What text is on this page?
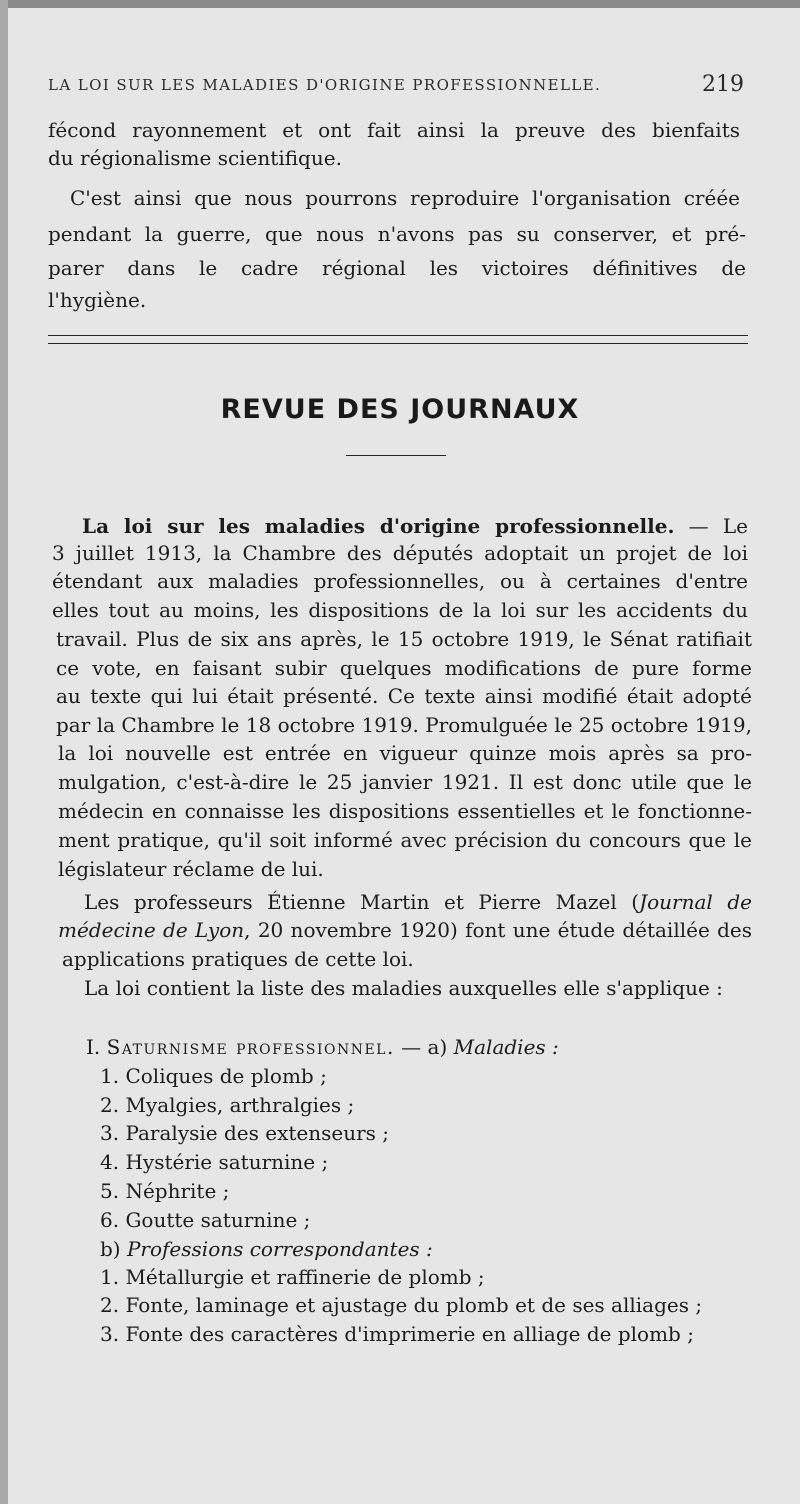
LA LOI SUR LES MALADIES D'ORIGINE PROFESSIONNELLE.	219
fécond rayonnement et ont fait ainsi la preuve des bienfaits
du régionalisme scientifique.
C'est ainsi que nous pourrons reproduire l'organisation créée
pendant la guerre, que nous n'avons pas su conserver, et pré-
parer dans le cadre régional les victoires définitives de
l'hygiène.
REVUE DES JOURNAUX
La loi sur les maladies d'origine professionnelle. — Le
3 juillet 1913, la Chambre des députés adoptait un projet de loi
étendant aux maladies professionnelles, ou à certaines d'entre
elles tout au moins, les dispositions de la loi sur les accidents du
travail. Plus de six ans après, le 15 octobre 1919, le Sénat ratifiait
ce vote, en faisant subir quelques modifications de pure forme
au texte qui lui était présenté. Ce texte ainsi modifié était adopté
par la Chambre le 18 octobre 1919. Promulguée le 25 octobre 1919,
la loi nouvelle est entrée en vigueur quinze mois après sa pro-
mulgation, c'est-à-dire le 25 janvier 1921. Il est donc utile que le
médecin en connaisse les dispositions essentielles et le fonctionne-
ment pratique, qu'il soit informé avec précision du concours que le
législateur réclame de lui.
Les professeurs Étienne Martin et Pierre Mazel (Journal de
médecine de Lyon, 20 novembre 1920) font une étude détaillée des
applications pratiques de cette loi.
La loi contient la liste des maladies auxquelles elle s'applique :
I. Saturnisme professionnel. — a) Maladies :
1. Coliques de plomb ;
2. Myalgies, arthralgies ;
3. Paralysie des extenseurs ;
4. Hystérie saturnine ;
5. Néphrite ;
6. Goutte saturnine ;
b) Professions correspondantes :
1. Métallurgie et raffinerie de plomb ;
2. Fonte, laminage et ajustage du plomb et de ses alliages ;
3. Fonte des caractères d'imprimerie en alliage de plomb ;
